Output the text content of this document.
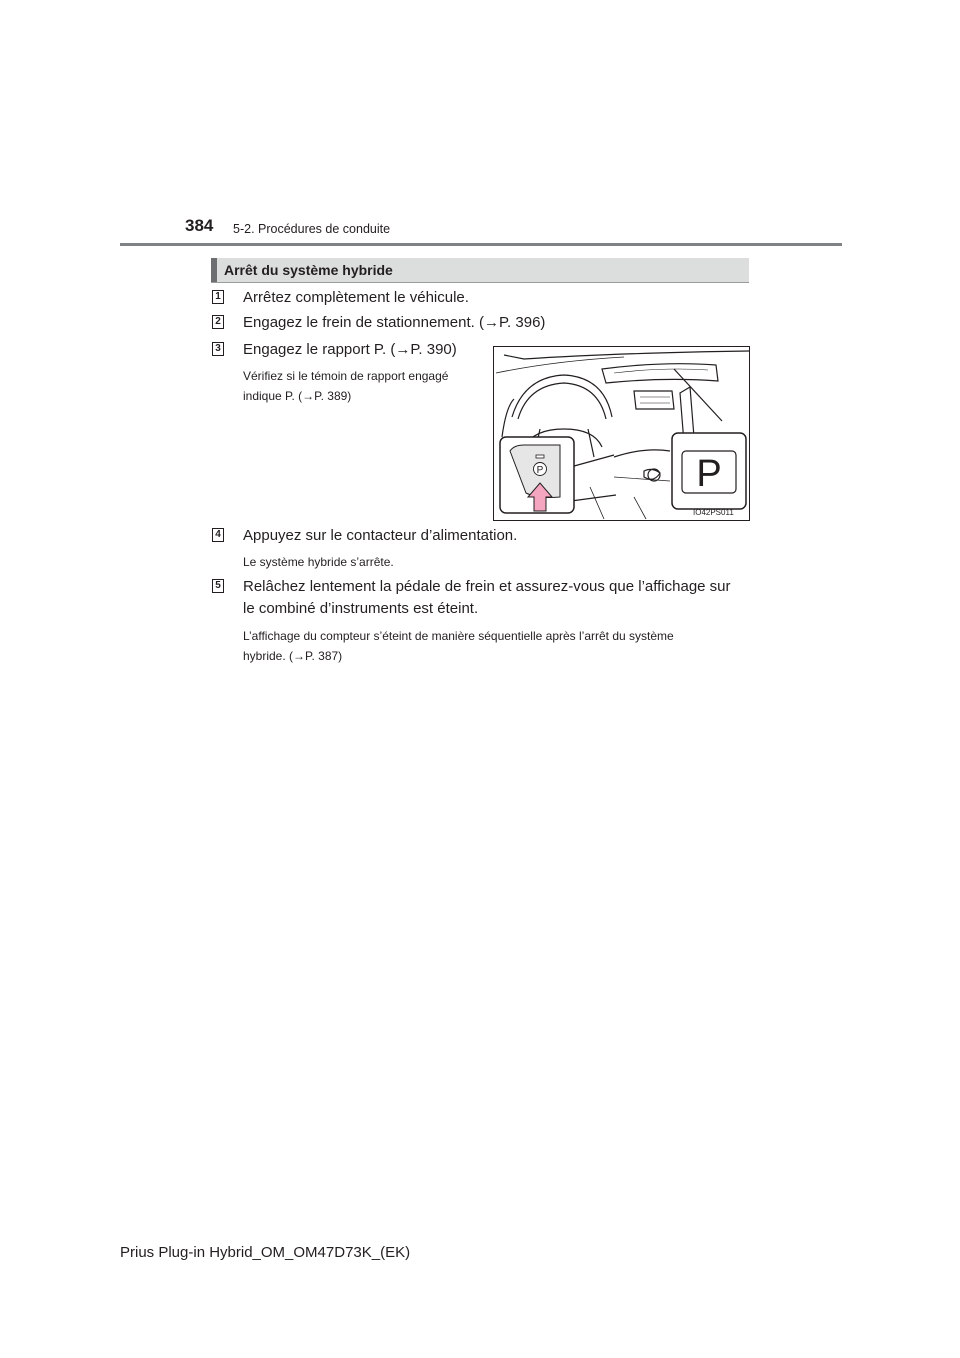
384 5-2. Procédures de conduite
Arrêt du système hybride
1 Arrêtez complètement le véhicule.
2 Engagez le frein de stationnement. (→P. 396)
3 Engagez le rapport P. (→P. 390)
Vérifiez si le témoin de rapport engagé
indique P. (→P. 389)
P	P
IO42PS011
4 Appuyez sur le contacteur d’alimentation.
Le système hybride s’arrête.
5 Relâchez lentement la pédale de frein et assurez-vous que l’affichage sur
le combiné d’instruments est éteint.
L’affichage du compteur s’éteint de manière séquentielle après l’arrêt du système
hybride. (→P. 387)
Prius Plug-in Hybrid_OM_OM47D73K_(EK)
